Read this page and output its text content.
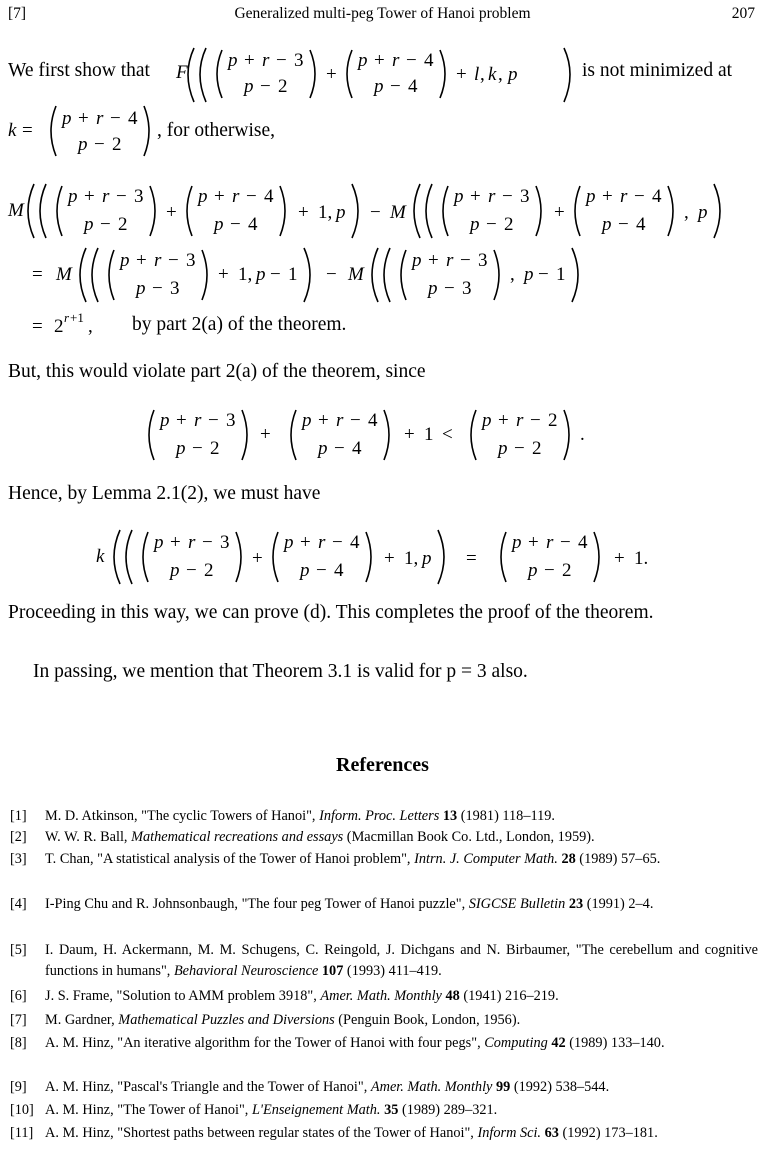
[7]	Generalized multi-peg Tower of Hanoi problem	207
We first show that F
p + r − 3
p − 2
+
p + r − 4
p − 4
+ l , k , p	is not minimized at
k =
p + r − 4
p − 2
, for otherwise,
M
p + r − 3
p − 2
+
p + r − 4
p − 4
+ 1, p − M
p + r − 3
p − 2
+
p + r − 4
p − 4
, p
= M
p + r − 3
p − 3
+ 1, p − 1 − M
p + r − 3
p − 3
, p − 1
= 2 r +1 , by part 2(a) of the theorem.
But, this would violate part 2(a) of the theorem, since
p + r − 3
p − 2
+
p + r − 4
p − 4
+ 1 <
p + r − 2
p − 2
.
Hence, by Lemma 2.1(2), we must have
k
p + r − 3
p − 2
+
p + r − 4
p − 4
+ 1, p =
p + r − 4
p − 2
+ 1.
Proceeding in this way, we can prove (d). This completes the proof of the theorem.
In passing, we mention that Theorem 3.1 is valid for p = 3 also.
References
[1]	M. D. Atkinson, "The cyclic Towers of Hanoi", Inform. Proc. Letters 13 (1981) 118–119.
[2]	W. W. R. Ball, Mathematical recreations and essays (Macmillan Book Co. Ltd., London, 1959).
[3]	T. Chan, "A statistical analysis of the Tower of Hanoi problem", Intrn. J. Computer Math. 28 (1989) 57–65.
[4]	I-Ping Chu and R. Johnsonbaugh, "The four peg Tower of Hanoi puzzle", SIGCSE Bulletin 23 (1991) 2–4.
[5]	I. Daum, H. Ackermann, M. M. Schugens, C. Reingold, J. Dichgans and N. Birbaumer, "The cerebellum and cognitive functions in humans", Behavioral Neuroscience 107 (1993) 411–419.
[6]	J. S. Frame, "Solution to AMM problem 3918", Amer. Math. Monthly 48 (1941) 216–219.
[7]	M. Gardner, Mathematical Puzzles and Diversions (Penguin Book, London, 1956).
[8]	A. M. Hinz, "An iterative algorithm for the Tower of Hanoi with four pegs", Computing 42 (1989) 133–140.
[9]	A. M. Hinz, "Pascal's Triangle and the Tower of Hanoi", Amer. Math. Monthly 99 (1992) 538–544.
[10] A. M. Hinz, "The Tower of Hanoi", L'Enseignement Math. 35 (1989) 289–321.
[11] A. M. Hinz, "Shortest paths between regular states of the Tower of Hanoi", Inform Sci. 63 (1992) 173–181.
